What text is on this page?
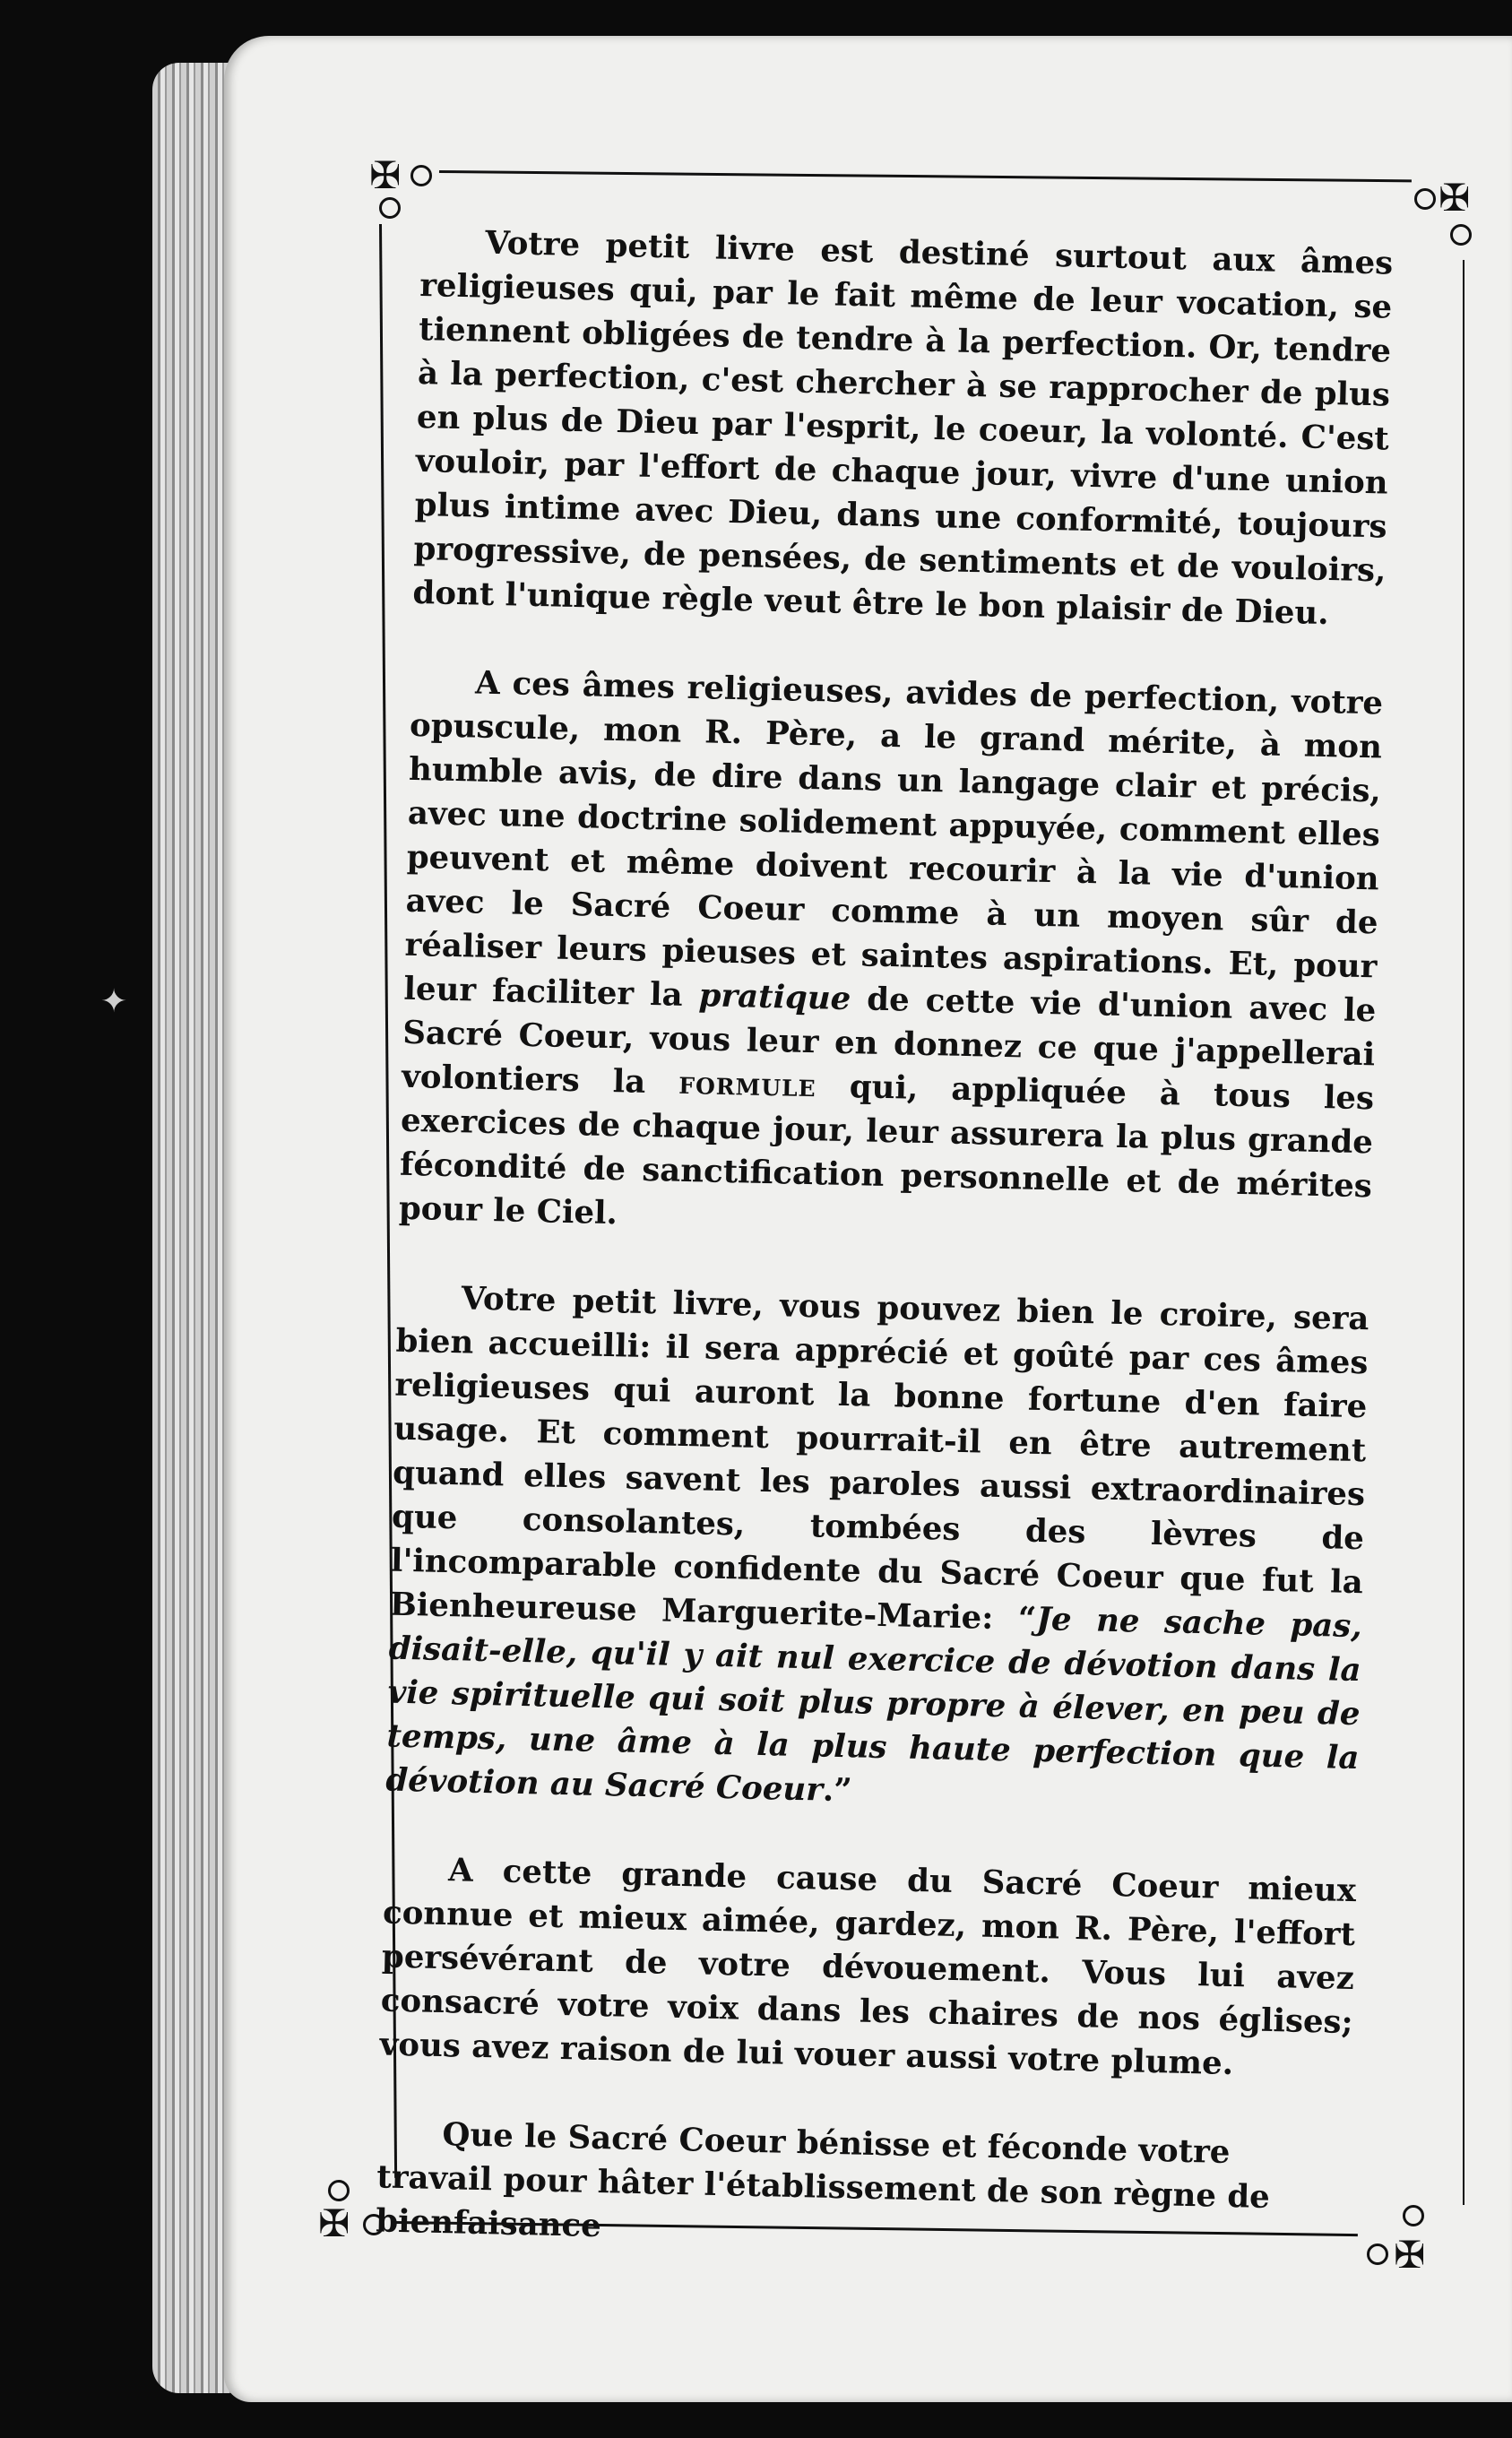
✠
✠
✠
✠
✦

Votre petit livre est destiné surtout aux âmes religieuses qui, par le fait même de leur vocation, se tiennent obligées de tendre à la perfection. Or, tendre à la perfection, c'est chercher à se rapprocher de plus en plus de Dieu par l'esprit, le coeur, la volonté. C'est vouloir, par l'effort de chaque jour, vivre d'une union plus intime avec Dieu, dans une conformité, toujours progressive, de pensées, de sentiments et de vouloirs, dont l'unique règle veut être le bon plaisir de Dieu.

A ces âmes religieuses, avides de perfection, votre opuscule, mon R. Père, a le grand mérite, à mon humble avis, de dire dans un langage clair et précis, avec une doctrine solidement appuyée, comment elles peuvent et même doivent recourir à la vie d'union avec le Sacré Coeur comme à un moyen sûr de réaliser leurs pieuses et saintes aspirations. Et, pour leur faciliter la pratique de cette vie d'union avec le Sacré Coeur, vous leur en donnez ce que j'appellerai volontiers la formule qui, appliquée à tous les exercices de chaque jour, leur assurera la plus grande fécondité de sanctification personnelle et de mérites pour le Ciel.

Votre petit livre, vous pouvez bien le croire, sera bien accueilli: il sera apprécié et goûté par ces âmes religieuses qui auront la bonne fortune d'en faire usage. Et comment pourrait-il en être autrement quand elles savent les paroles aussi extraordinaires que consolantes, tombées des lèvres de l'incomparable confidente du Sacré Coeur que fut la Bienheureuse Marguerite-Marie: “Je ne sache pas, disait-elle, qu'il y ait nul exercice de dévotion dans la vie spirituelle qui soit plus propre à élever, en peu de temps, une âme à la plus haute perfection que la dévotion au Sacré Coeur.”

A cette grande cause du Sacré Coeur mieux connue et mieux aimée, gardez, mon R. Père, l'effort persévérant de votre dévouement. Vous lui avez consacré votre voix dans les chaires de nos églises; vous avez raison de lui vouer aussi votre plume.

Que le Sacré Coeur bénisse et féconde votre travail pour hâter l'établissement de son règne de bienfaisance
